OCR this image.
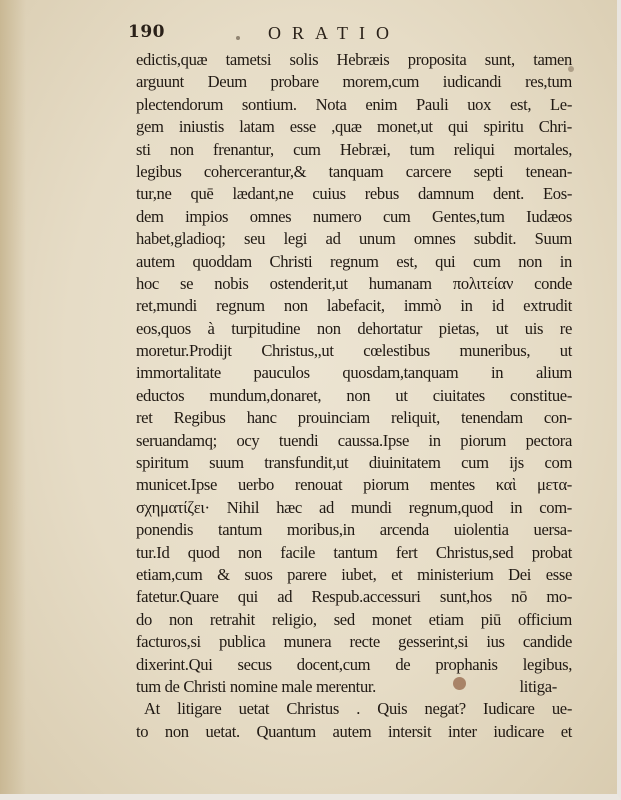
190	ORATIO
edictis,quæ tametsi solis Hebræis proposita sunt, tamen
arguunt Deum probare morem,cum iudicandi res,tum
plectendorum sontium. Nota enim Pauli uox est, Le-
gem iniustis latam esse ,quæ monet,ut qui spiritu Chri-
sti non frenantur, cum Hebræi, tum reliqui mortales,
legibus cohercerantur,& tanquam carcere septi tenean-
tur,ne quē lædant,ne cuius rebus damnum dent. Eos-
dem impios omnes numero cum Gentes,tum Iudæos
habet,gladioq; seu legi ad unum omnes subdit. Suum
autem quoddam Christi regnum est, qui cum non in
hoc se nobis ostenderit,ut humanam πολιτείαν conde
ret,mundi regnum non labefacit, immò in id extrudit
eos,quos à turpitudine non dehortatur pietas, ut uis re
moretur.Prodijt Christus,,ut cœlestibus muneribus, ut
immortalitate pauculos quosdam,tanquam in alium
eductos mundum,donaret, non ut ciuitates constitue-
ret Regibus hanc prouinciam reliquit, tenendam con-
seruandamq; ocy tuendi caussa.Ipse in piorum pectora
spiritum suum transfundit,ut diuinitatem cum ijs com
municet.Ipse uerbo renouat piorum mentes καὶ μετα-
σχηματίζει· Nihil hæc ad mundi regnum,quod in com-
ponendis tantum moribus,in arcenda uiolentia uersa-
tur.Id quod non facile tantum fert Christus,sed probat
etiam,cum & suos parere iubet, et ministerium Dei esse
fatetur.Quare qui ad Respub.accessuri sunt,hos nō mo-
do non retrahit religio, sed monet etiam piū officium
facturos,si publica munera recte gesserint,si ius candide
dixerint.Qui secus docent,cum de prophanis legibus,
tum de Christi nomine male merentur.
At litigare uetat Christus . Quis negat? Iudicare ue-
to non uetat. Quantum autem intersit inter iudicare et
litiga-
